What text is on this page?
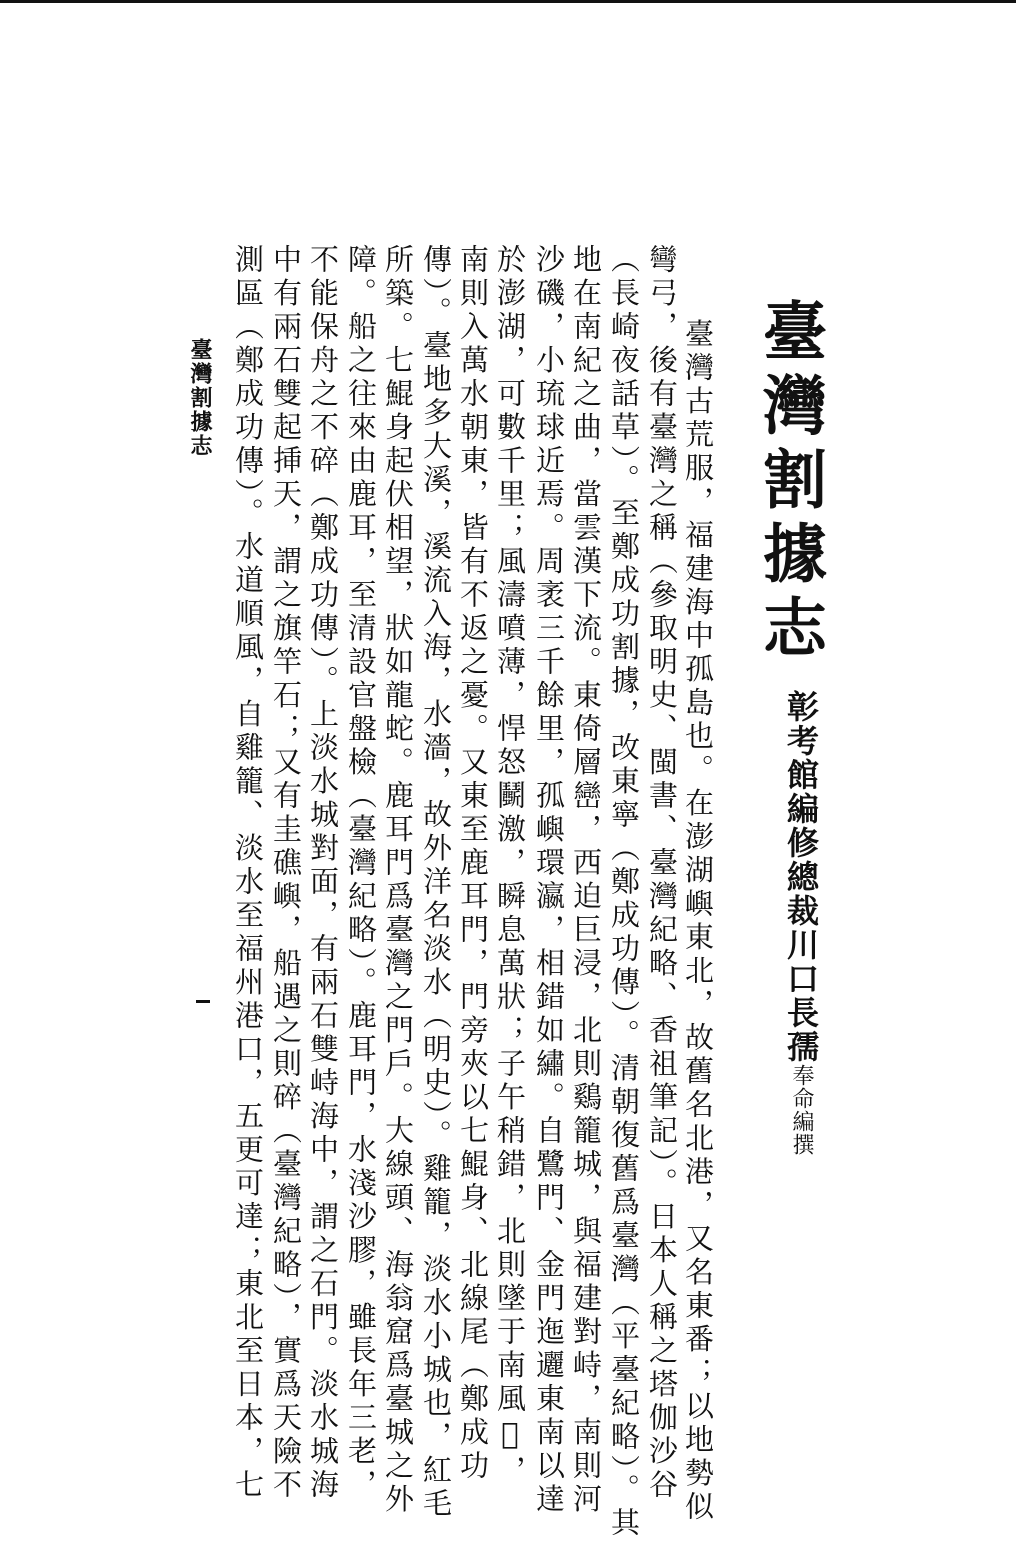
臺灣割據志
彰考館編修總裁川口長孺奉命編撰
　臺灣古荒服，福建海中孤島也。在澎湖嶼東北，故舊名北港，又名東番；以地勢似
彎弓，後有臺灣之稱（參取明史、閩書、臺灣紀略、香祖筆記）。日本人稱之塔伽沙谷
（長崎夜話草）。至鄭成功割據，改東寧（鄭成功傳）。清朝復舊爲臺灣（平臺紀略）。其
地在南紀之曲，當雲漢下流。東倚層巒，西迫巨浸，北則鷄籠城，與福建對峙，南則河
沙磯，小琉球近焉。周袤三千餘里，孤嶼環瀛，相錯如繡。自鷺門、金門迤邐東南以達
於澎湖，可數千里；風濤噴薄，悍怒鬭激，瞬息萬狀；子午稍錯，北則墜于南風𣾃，
南則入萬水朝東，皆有不返之憂。又東至鹿耳門，門旁夾以七鯤身、北線尾（鄭成功
傳）。臺地多大溪，溪流入海，水濇，故外洋名淡水（明史）。雞籠，淡水小城也，紅毛
所築。七鯤身起伏相望，狀如龍蛇。鹿耳門爲臺灣之門戶。大線頭、海翁窟爲臺城之外
障。船之往來由鹿耳，至清設官盤檢（臺灣紀略）。鹿耳門，水淺沙膠，雖長年三老，
不能保舟之不碎（鄭成功傳）。上淡水城對面，有兩石雙峙海中，謂之石門。淡水城海
中有兩石雙起挿天，謂之旗竿石；又有圭礁嶼，船遇之則碎（臺灣紀略），實爲天險不
測區（鄭成功傳）。水道順風，自雞籠、淡水至福州港口，五更可達；東北至日本，七
臺灣割據志
